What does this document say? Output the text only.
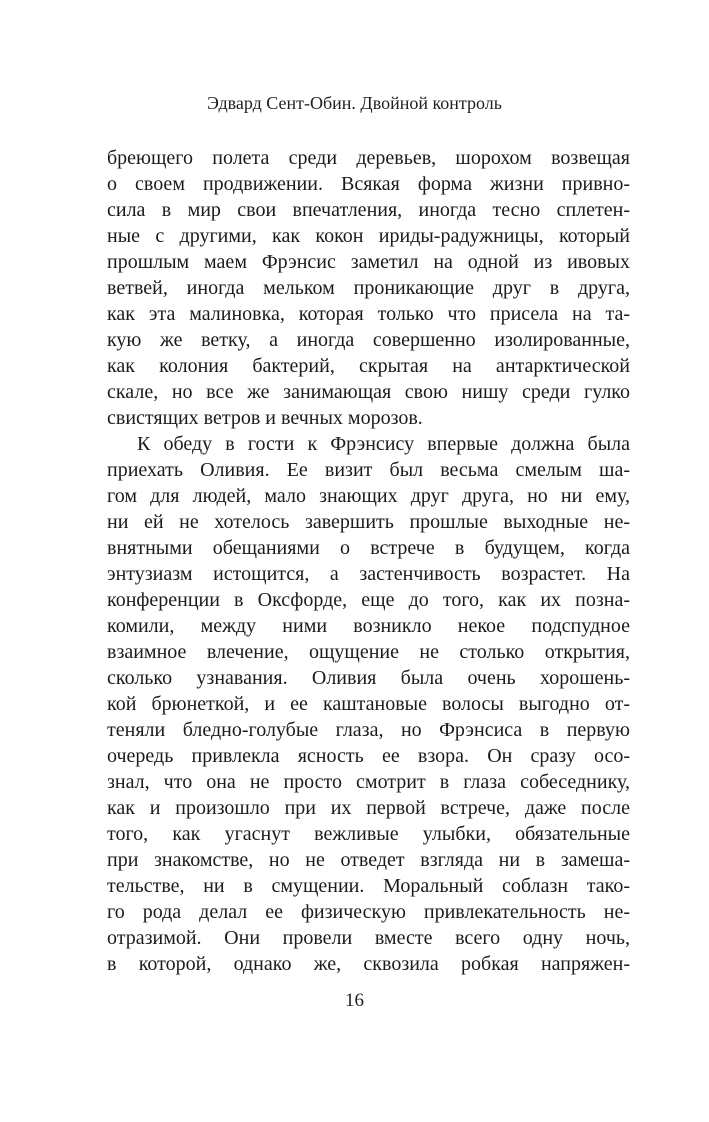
Эдвард Сент-Обин. Двойной контроль
бреющего полета среди деревьев, шорохом возвещая
о своем продвижении. Всякая форма жизни привно-
сила в мир свои впечатления, иногда тесно сплетен-
ные с другими, как кокон ириды-радужницы, который
прошлым маем Фрэнсис заметил на одной из ивовых
ветвей, иногда мельком проникающие друг в друга,
как эта малиновка, которая только что присела на та-
кую же ветку, а иногда совершенно изолированные,
как колония бактерий, скрытая на антарктической
скале, но все же занимающая свою нишу среди гулко
свистящих ветров и вечных морозов.
К обеду в гости к Фрэнсису впервые должна была
приехать Оливия. Ее визит был весьма смелым ша-
гом для людей, мало знающих друг друга, но ни ему,
ни ей не хотелось завершить прошлые выходные не-
внятными обещаниями о встрече в будущем, когда
энтузиазм истощится, а застенчивость возрастет. На
конференции в Оксфорде, еще до того, как их позна-
комили, между ними возникло некое подспудное
взаимное влечение, ощущение не столько открытия,
сколько узнавания. Оливия была очень хорошень-
кой брюнеткой, и ее каштановые волосы выгодно от-
теняли бледно-голубые глаза, но Фрэнсиса в первую
очередь привлекла ясность ее взора. Он сразу осо-
знал, что она не просто смотрит в глаза собеседнику,
как и произошло при их первой встрече, даже после
того, как угаснут вежливые улыбки, обязательные
при знакомстве, но не отведет взгляда ни в замеша-
тельстве, ни в смущении. Моральный соблазн тако-
го рода делал ее физическую привлекательность не-
отразимой. Они провели вместе всего одну ночь,
в которой, однако же, сквозила робкая напряжен-
16
